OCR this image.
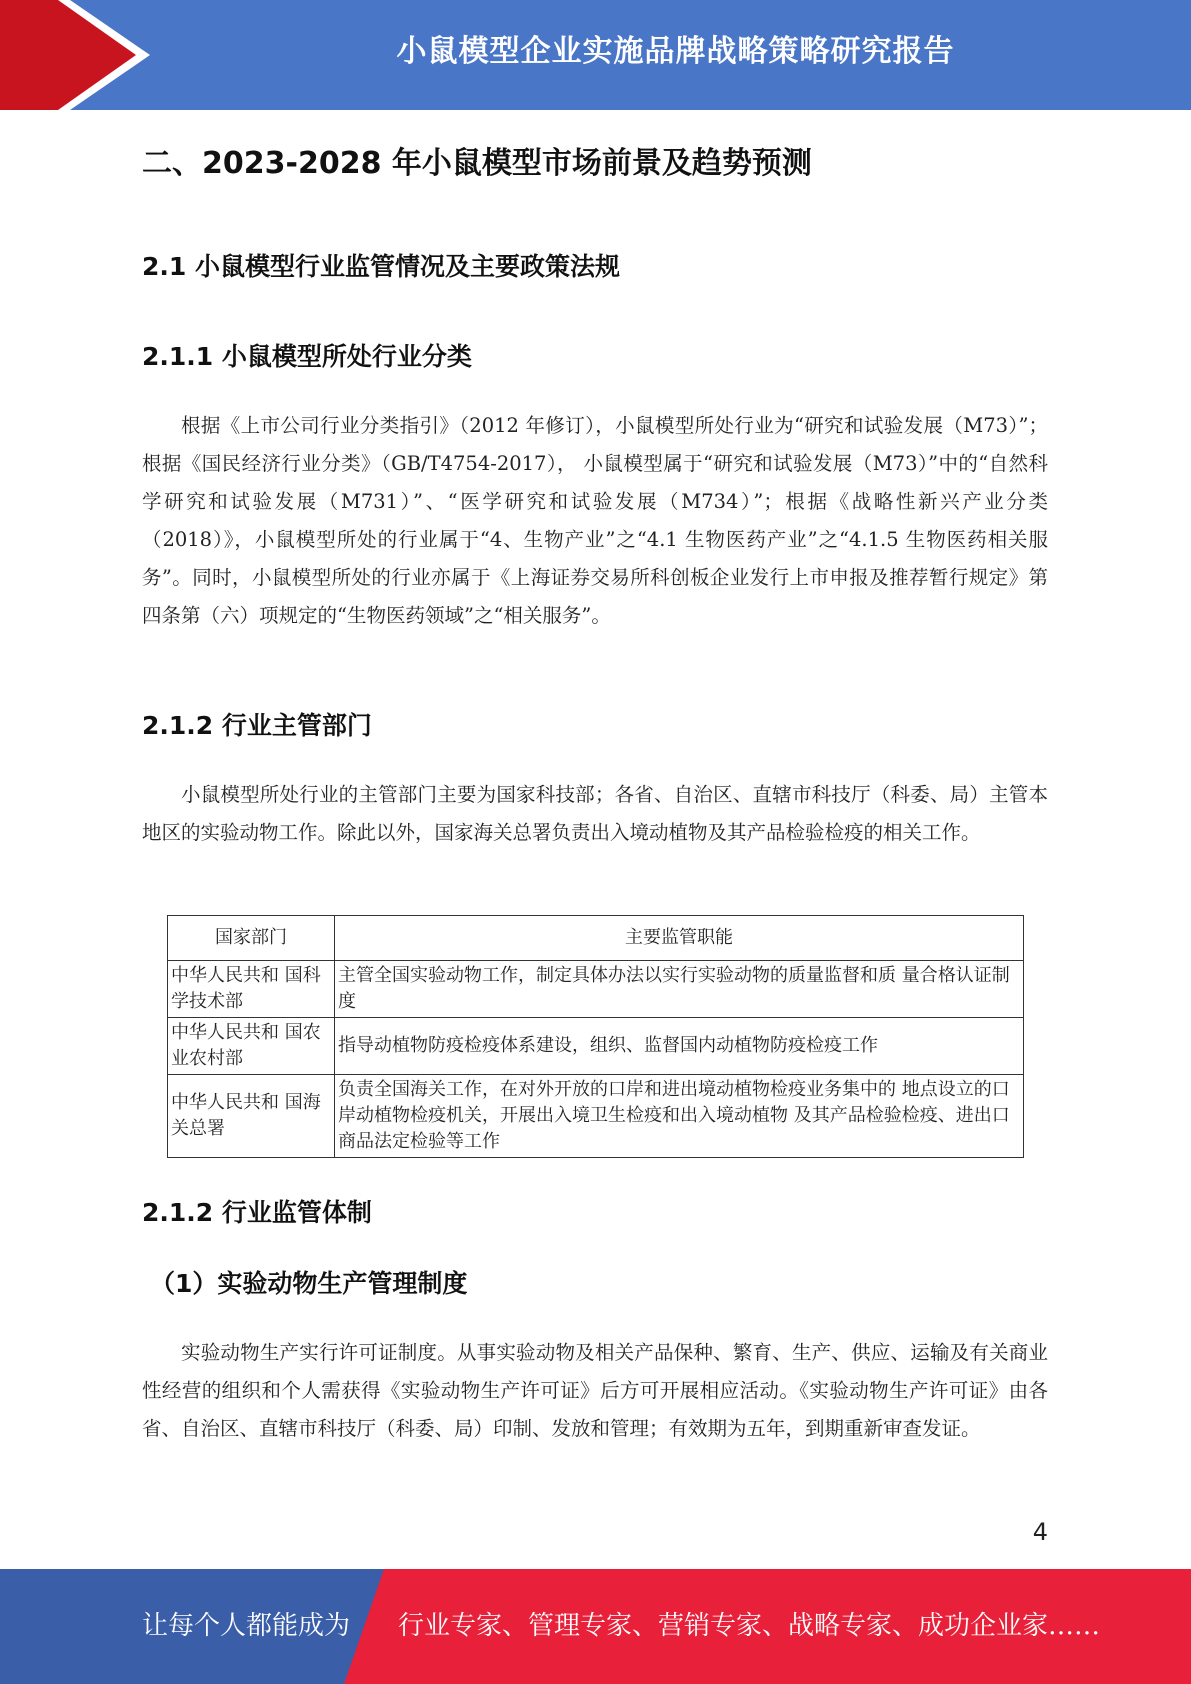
小鼠模型企业实施品牌战略策略研究报告
二、2023-2028 年小鼠模型市场前景及趋势预测
2.1 小鼠模型行业监管情况及主要政策法规
2.1.1 小鼠模型所处行业分类

根据《上市公司行业分类指引》（2012 年修订），小鼠模型所处行业为“研究和试验发展（M73）”；根据《国民经济行业分类》（GB/T4754-2017）， 小鼠模型属于“研究和试验发展（M73）”中的“自然科学研究和试验发展（M731）”、“医学研究和试验发展（M734）”；根据《战略性新兴产业分类（2018）》，小鼠模型所处的行业属于“4、生物产业”之“4.1 生物医药产业”之“4.1.5 生物医药相关服务”。同时，小鼠模型所处的行业亦属于《上海证券交易所科创板企业发行上市申报及推荐暂行规定》第四条第（六）项规定的“生物医药领域”之“相关服务”。

2.1.2 行业主管部门

小鼠模型所处行业的主管部门主要为国家科技部；各省、自治区、直辖市科技厅（科委、局）主管本地区的实验动物工作。除此以外，国家海关总署负责出入境动植物及其产品检验检疫的相关工作。

国家部门	主要监管职能
中华人民共和 国科学技术部	主管全国实验动物工作，制定具体办法以实行实验动物的质量监督和质 量合格认证制度
中华人民共和 国农业农村部	指导动植物防疫检疫体系建设，组织、监督国内动植物防疫检疫工作
中华人民共和 国海关总署	负责全国海关工作，在对外开放的口岸和进出境动植物检疫业务集中的 地点设立的口岸动植物检疫机关，开展出入境卫生检疫和出入境动植物 及其产品检验检疫、进出口商品法定检验等工作
2.1.2 行业监管体制
（1）实验动物生产管理制度

实验动物生产实行许可证制度。从事实验动物及相关产品保种、繁育、生产、供应、运输及有关商业性经营的组织和个人需获得《实验动物生产许可证》后方可开展相应活动。《实验动物生产许可证》由各省、自治区、直辖市科技厅（科委、局）印制、发放和管理；有效期为五年，到期重新审查发证。

4
让每个人都能成为 行业专家、管理专家、营销专家、战略专家、成功企业家……
